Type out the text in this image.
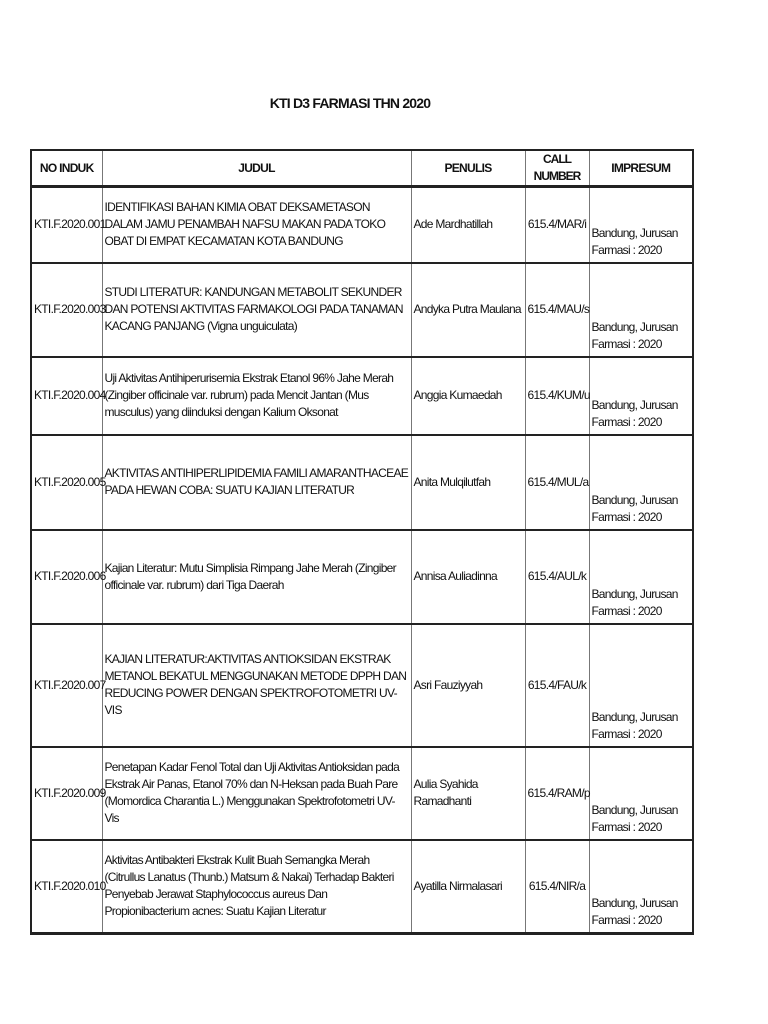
KTI D3 FARMASI THN 2020
NO INDUK	JUDUL	PENULIS	CALL NUMBER	IMPRESUM
KTI.F.2020.001	IDENTIFIKASI BAHAN KIMIA OBAT DEKSAMETASON DALAM JAMU PENAMBAH NAFSU MAKAN PADA TOKO OBAT DI EMPAT KECAMATAN KOTA BANDUNG	Ade Mardhatillah	615.4/MAR/i	Bandung, Jurusan Farmasi : 2020
KTI.F.2020.003	STUDI LITERATUR: KANDUNGAN METABOLIT SEKUNDER DAN POTENSI AKTIVITAS FARMAKOLOGI PADA TANAMAN KACANG PANJANG (Vigna unguiculata)	Andyka Putra Maulana	615.4/MAU/s	Bandung, Jurusan Farmasi : 2020
KTI.F.2020.004	Uji Aktivitas Antihiperurisemia Ekstrak Etanol 96% Jahe Merah (Zingiber officinale var. rubrum) pada Mencit Jantan (Mus musculus) yang diinduksi dengan Kalium Oksonat	Anggia Kumaedah	615.4/KUM/u	Bandung, Jurusan Farmasi : 2020
KTI.F.2020.005	AKTIVITAS ANTIHIPERLIPIDEMIA FAMILI AMARANTHACEAE PADA HEWAN COBA: SUATU KAJIAN LITERATUR	Anita Mulqilutfah	615.4/MUL/a	Bandung, Jurusan Farmasi : 2020
KTI.F.2020.006	Kajian Literatur: Mutu Simplisia Rimpang Jahe Merah (Zingiber officinale var. rubrum) dari Tiga Daerah	Annisa Auliadinna	615.4/AUL/k	Bandung, Jurusan Farmasi : 2020
KTI.F.2020.007	KAJIAN LITERATUR:AKTIVITAS ANTIOKSIDAN EKSTRAK METANOL BEKATUL MENGGUNAKAN METODE DPPH DAN REDUCING POWER DENGAN SPEKTROFOTOMETRI UV-VIS	Asri Fauziyyah	615.4/FAU/k	Bandung, Jurusan Farmasi : 2020
KTI.F.2020.009	Penetapan Kadar Fenol Total dan Uji Aktivitas Antioksidan pada Ekstrak Air Panas, Etanol 70% dan N-Heksan pada Buah Pare (Momordica Charantia L.) Menggunakan Spektrofotometri UV-Vis	Aulia Syahida Ramadhanti	615.4/RAM/p	Bandung, Jurusan Farmasi : 2020
KTI.F.2020.010	Aktivitas Antibakteri Ekstrak Kulit Buah Semangka Merah (Citrullus Lanatus (Thunb.) Matsum & Nakai) Terhadap Bakteri Penyebab Jerawat Staphylococcus aureus Dan Propionibacterium acnes: Suatu Kajian Literatur	Ayatilla Nirmalasari	615.4/NIR/a	Bandung, Jurusan Farmasi : 2020
